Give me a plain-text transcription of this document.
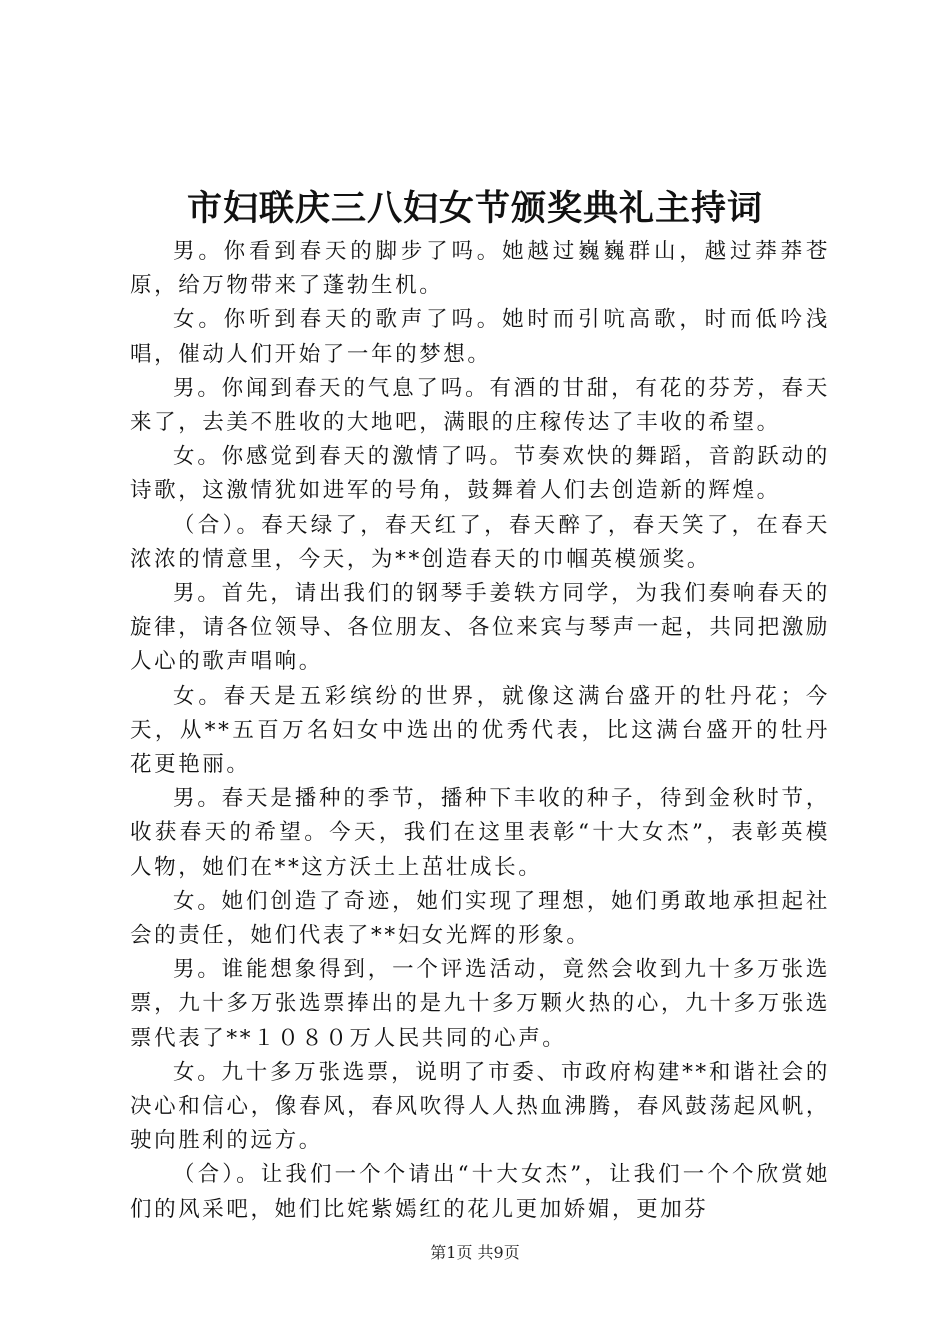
市妇联庆三八妇女节颁奖典礼主持词

男。你看到春天的脚步了吗。她越过巍巍群山，越过莽莽苍原，给万物带来了蓬勃生机。

女。你听到春天的歌声了吗。她时而引吭高歌，时而低吟浅唱，催动人们开始了一年的梦想。

男。你闻到春天的气息了吗。有酒的甘甜，有花的芬芳，春天来了，去美不胜收的大地吧，满眼的庄稼传达了丰收的希望。

女。你感觉到春天的激情了吗。节奏欢快的舞蹈，音韵跃动的诗歌，这激情犹如进军的号角，鼓舞着人们去创造新的辉煌。

（合）。春天绿了，春天红了，春天醉了，春天笑了，在春天浓浓的情意里，今天，为**创造春天的巾帼英模颁奖。

男。首先，请出我们的钢琴手姜轶方同学，为我们奏响春天的旋律，请各位领导、各位朋友、各位来宾与琴声一起，共同把激励人心的歌声唱响。

女。春天是五彩缤纷的世界，就像这满台盛开的牡丹花；今天，从**五百万名妇女中选出的优秀代表，比这满台盛开的牡丹花更艳丽。

男。春天是播种的季节，播种下丰收的种子，待到金秋时节，收获春天的希望。今天，我们在这里表彰“十大女杰”，表彰英模人物，她们在**这方沃土上茁壮成长。

女。她们创造了奇迹，她们实现了理想，她们勇敢地承担起社会的责任，她们代表了**妇女光辉的形象。

男。谁能想象得到，一个评选活动，竟然会收到九十多万张选票，九十多万张选票捧出的是九十多万颗火热的心，九十多万张选票代表了**１０８０万人民共同的心声。

女。九十多万张选票，说明了市委、市政府构建**和谐社会的决心和信心，像春风，春风吹得人人热血沸腾，春风鼓荡起风帆，驶向胜利的远方。

（合）。让我们一个个请出“十大女杰”，让我们一个个欣赏她们的风采吧，她们比姹紫嫣红的花儿更加娇媚，更加芬

第1页 共9页
